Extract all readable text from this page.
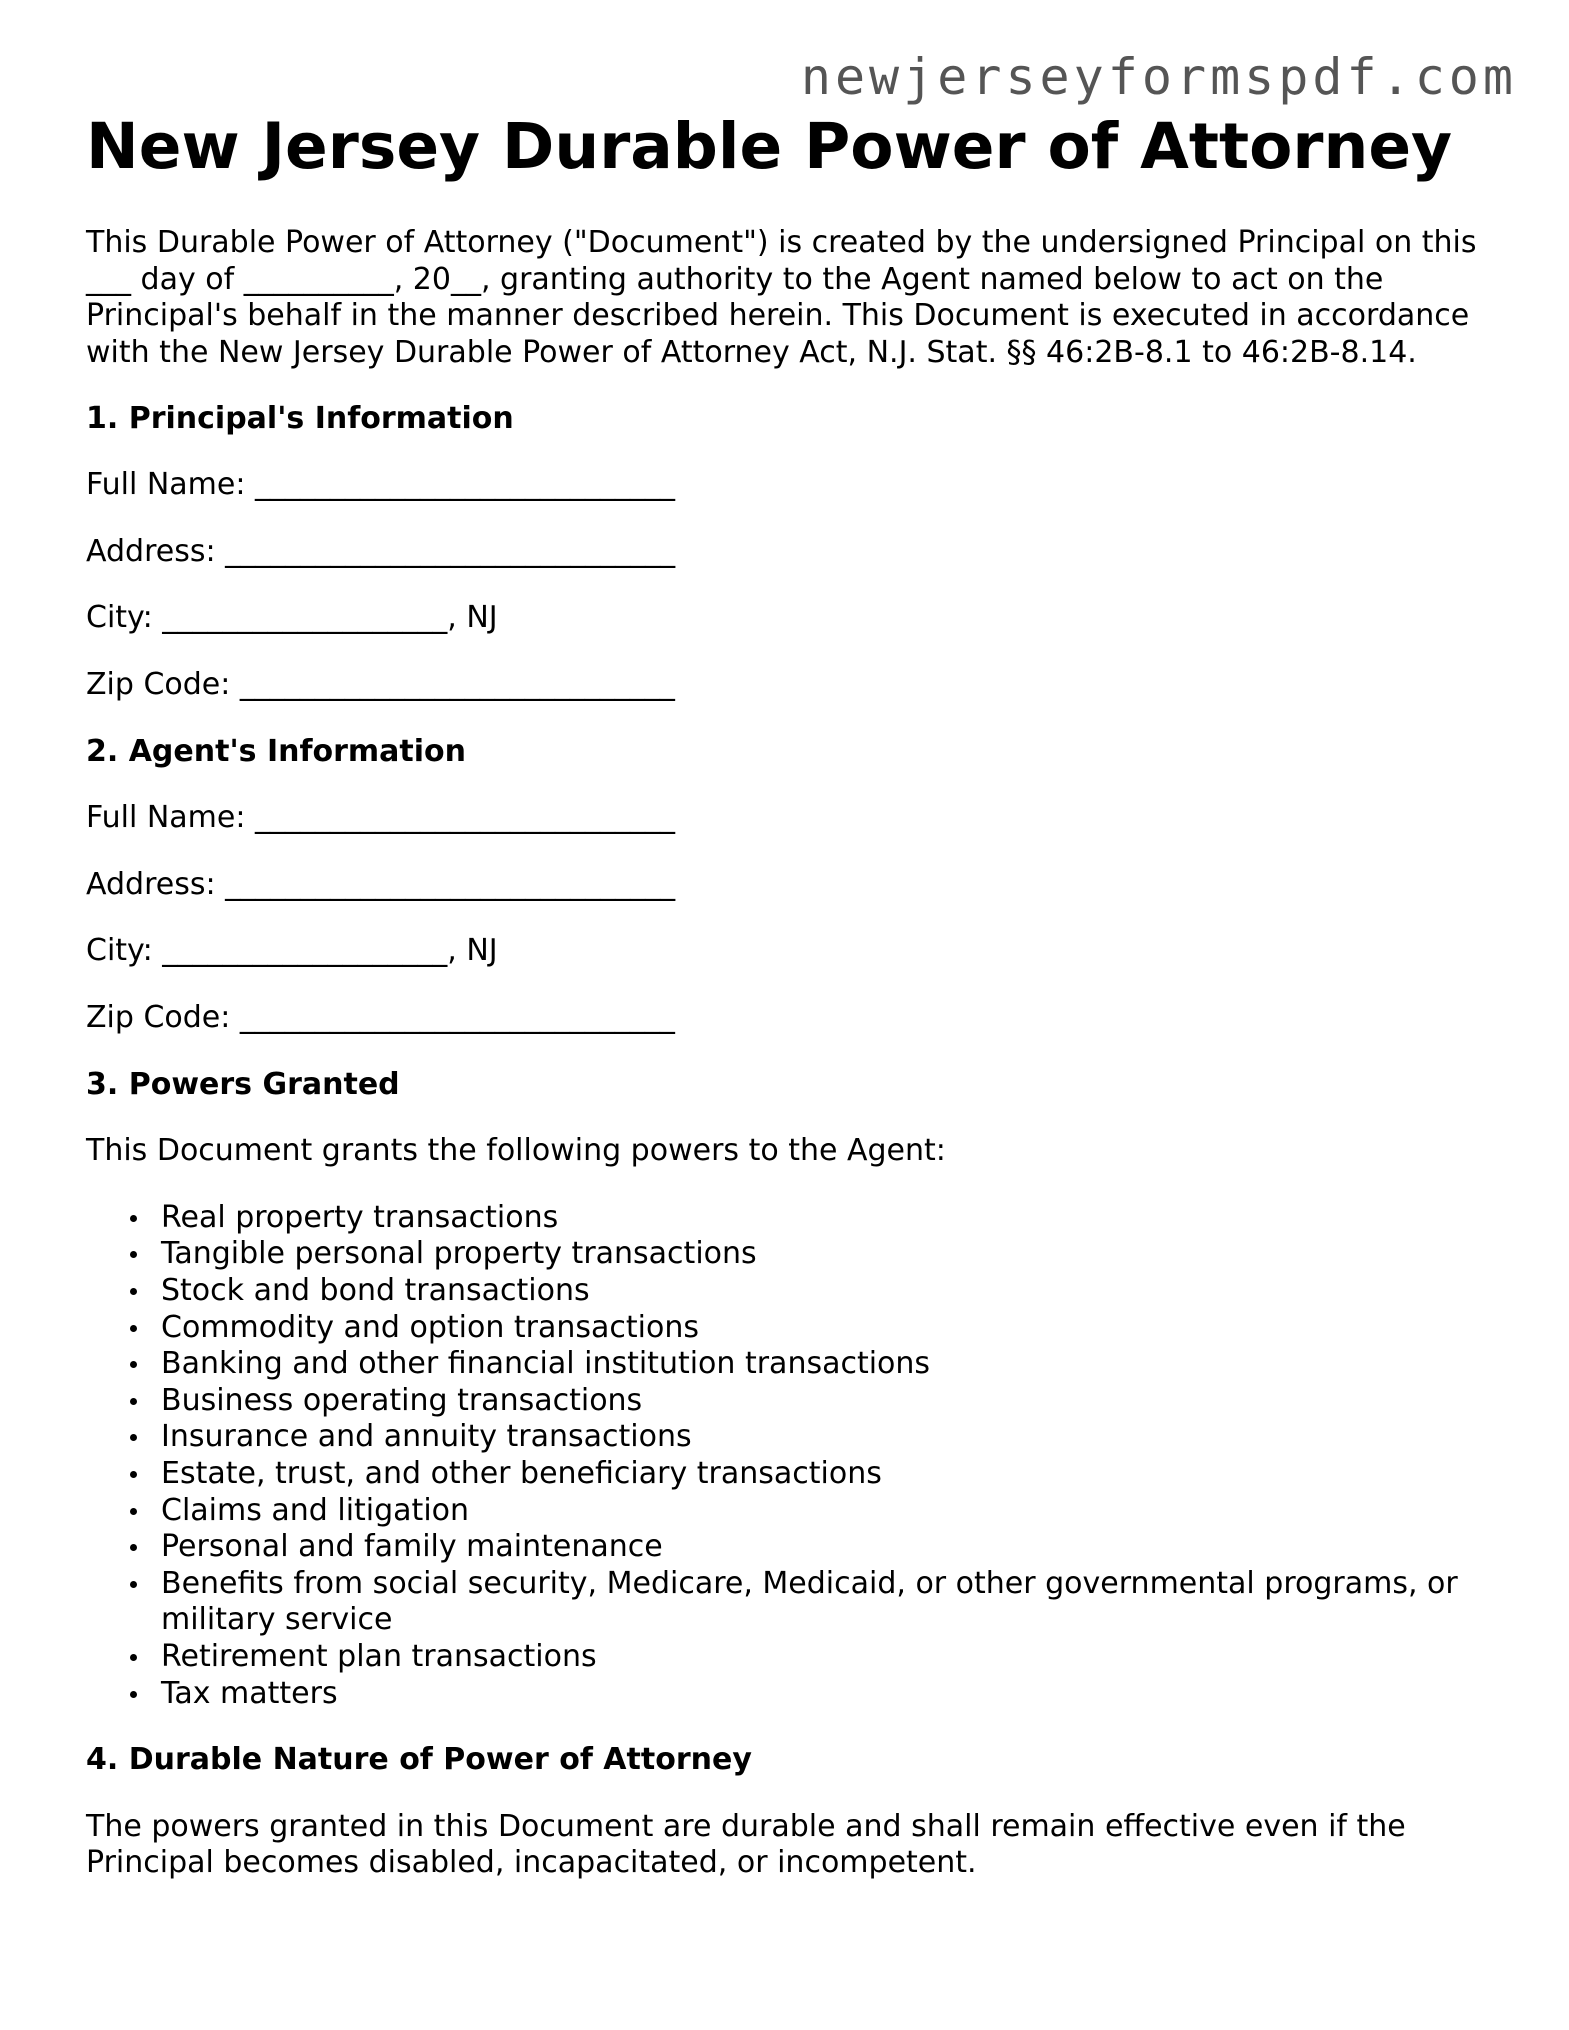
newjerseyformspdf.com
New Jersey Durable Power of Attorney

This Durable Power of Attorney ("Document") is created by the undersigned Principal on this ___ day of __________, 20__, granting authority to the Agent named below to act on the Principal's behalf in the manner described herein. This Document is executed in accordance with the New Jersey Durable Power of Attorney Act, N.J. Stat. §§ 46:2B-8.1 to 46:2B-8.14.

1. Principal's Information
Full Name: ____________________________
Address: ______________________________
City: ___________________, NJ
Zip Code: _____________________________
2. Agent's Information
Full Name: ____________________________
Address: ______________________________
City: ___________________, NJ
Zip Code: _____________________________
3. Powers Granted

This Document grants the following powers to the Agent:

Real property transactions
Tangible personal property transactions
Stock and bond transactions
Commodity and option transactions
Banking and other financial institution transactions
Business operating transactions
Insurance and annuity transactions
Estate, trust, and other beneficiary transactions
Claims and litigation
Personal and family maintenance
Benefits from social security, Medicare, Medicaid, or other governmental programs, or military service
Retirement plan transactions
Tax matters
4. Durable Nature of Power of Attorney

The powers granted in this Document are durable and shall remain effective even if the Principal becomes disabled, incapacitated, or incompetent.
